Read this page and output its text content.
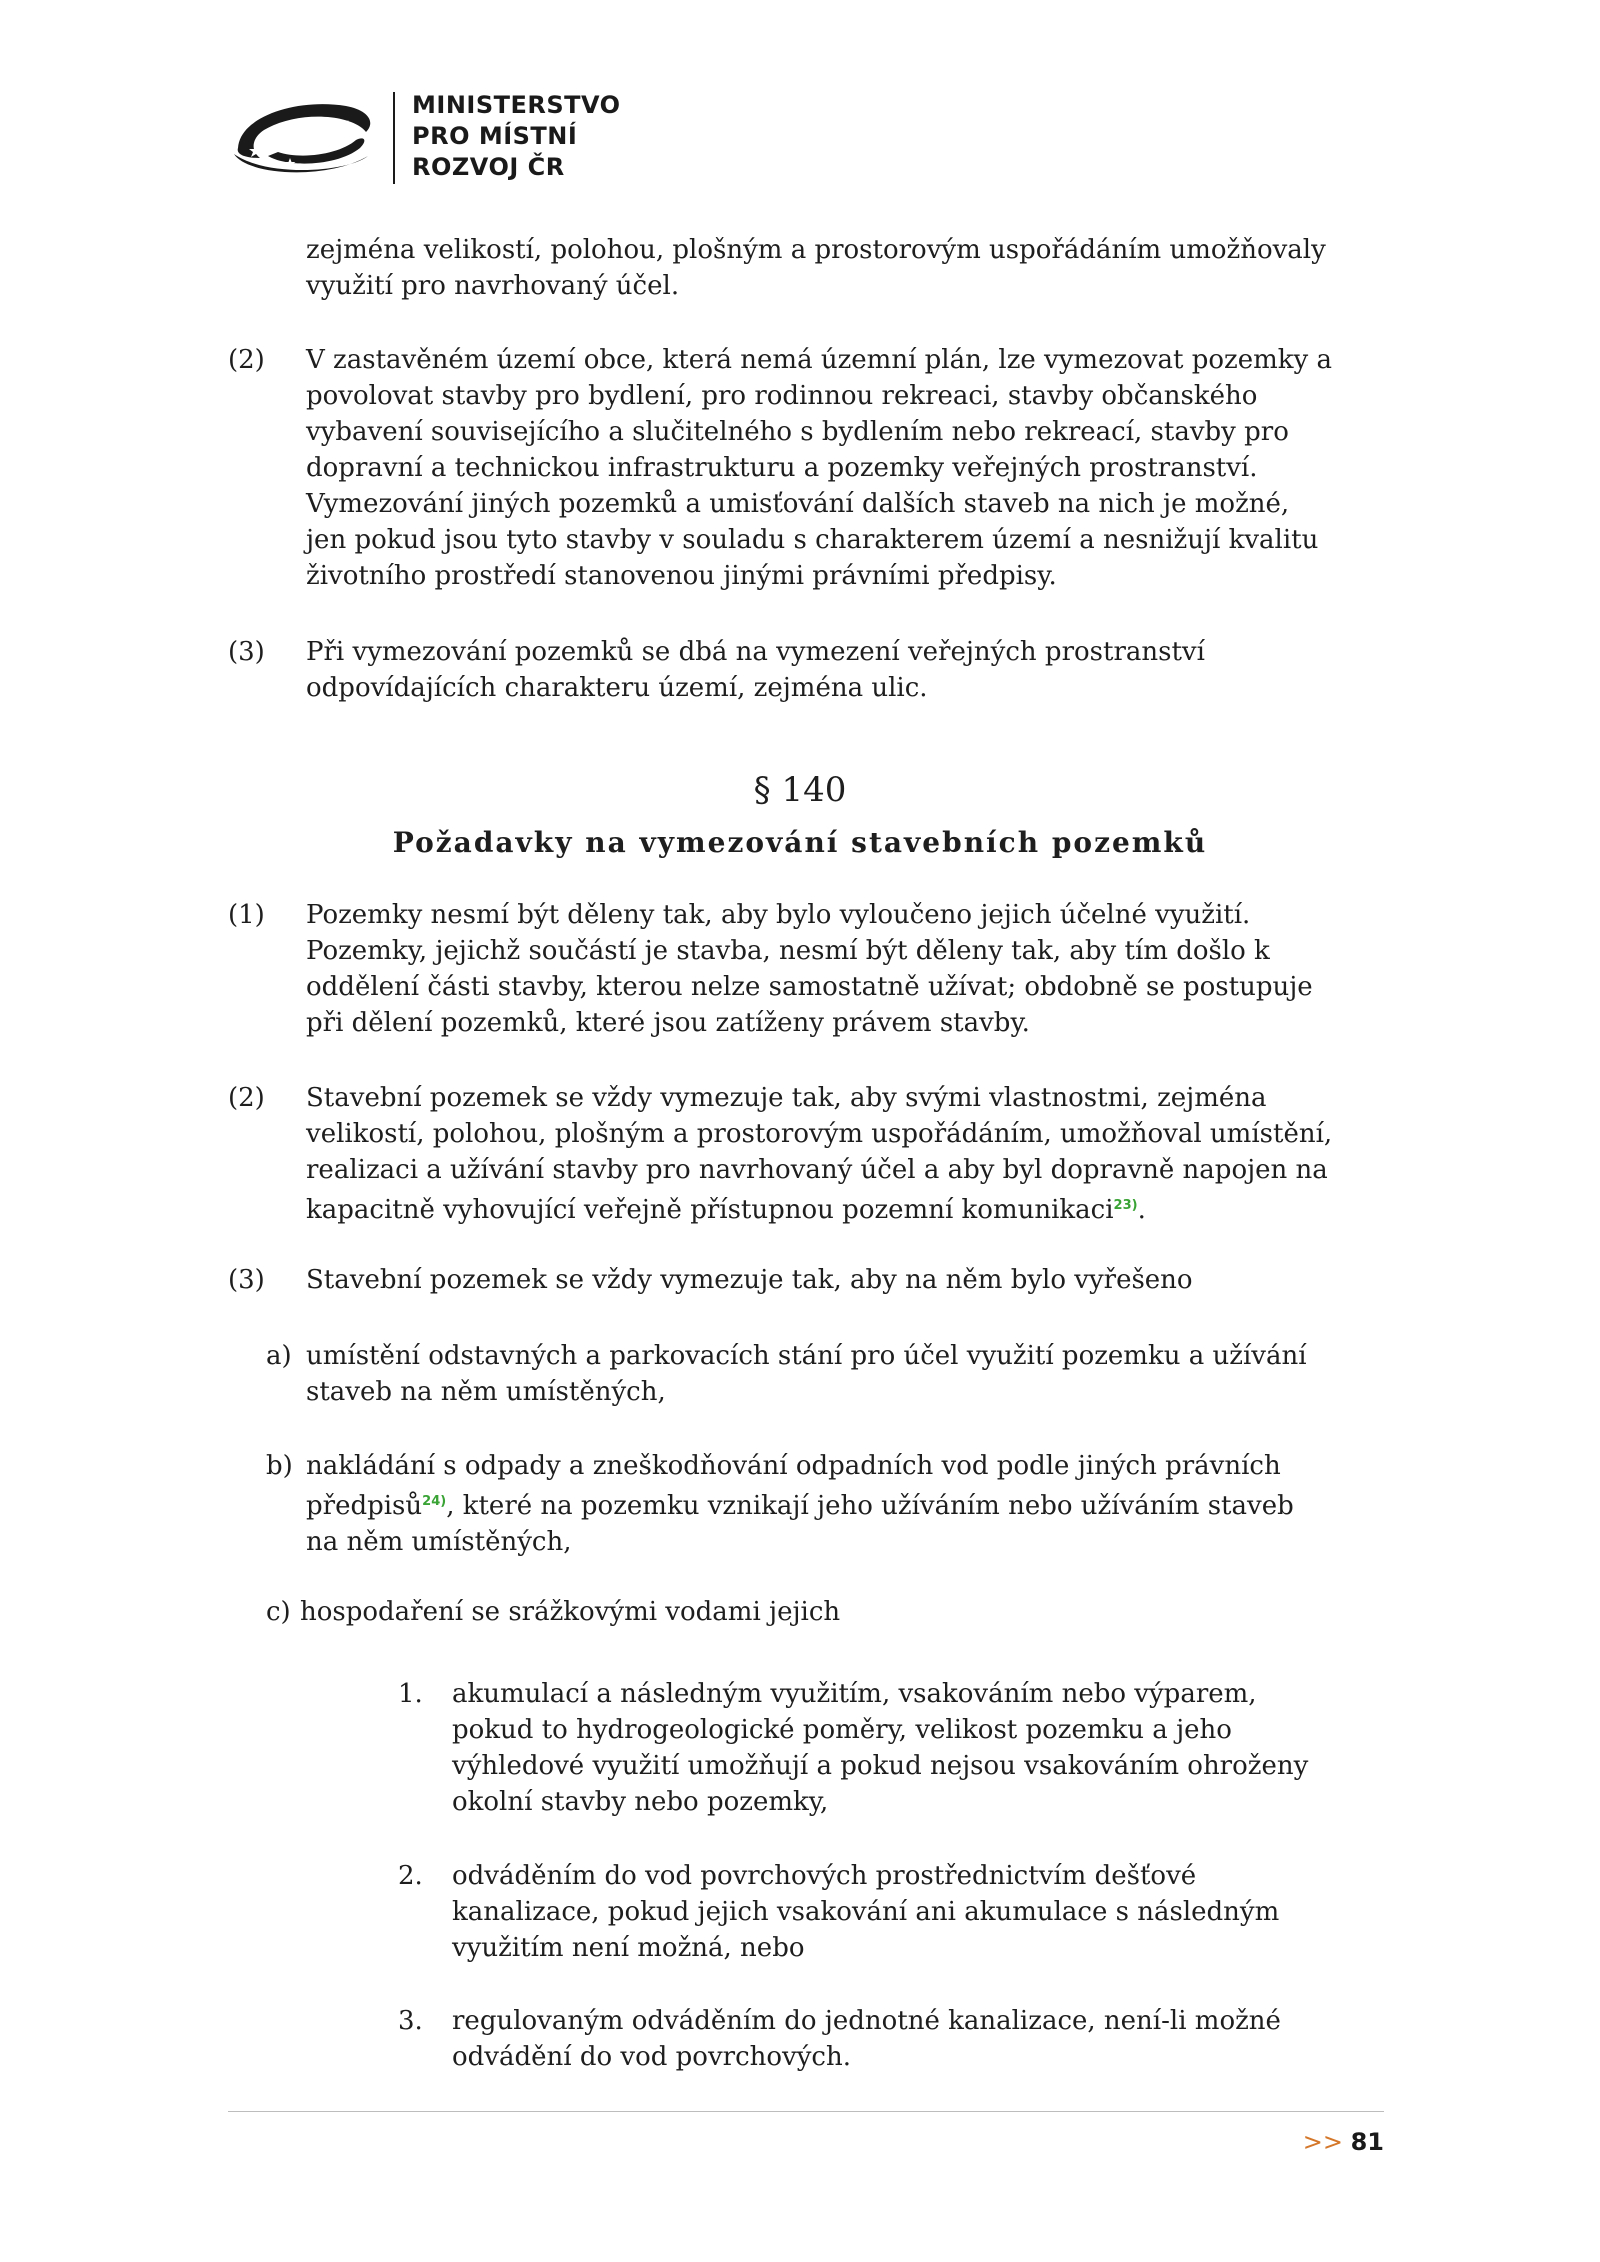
MINISTERSTVO
PRO MÍSTNÍ
ROZVOJ ČR
zejména velikostí, polohou, plošným a prostorovým uspořádáním umožňovaly
využití pro navrhovaný účel.
(2) V zastavěném území obce, která nemá územní plán, lze vymezovat pozemky a
povolovat stavby pro bydlení, pro rodinnou rekreaci, stavby občanského
vybavení souvisejícího a slučitelného s bydlením nebo rekreací, stavby pro
dopravní a technickou infrastrukturu a pozemky veřejných prostranství.
Vymezování jiných pozemků a umisťování dalších staveb na nich je možné,
jen pokud jsou tyto stavby v souladu s charakterem území a nesnižují kvalitu
životního prostředí stanovenou jinými právními předpisy.
(3) Při vymezování pozemků se dbá na vymezení veřejných prostranství
odpovídajících charakteru území, zejména ulic.
§ 140
Požadavky na vymezování stavebních pozemků
(1) Pozemky nesmí být děleny tak, aby bylo vyloučeno jejich účelné využití.
Pozemky, jejichž součástí je stavba, nesmí být děleny tak, aby tím došlo k
oddělení části stavby, kterou nelze samostatně užívat; obdobně se postupuje
při dělení pozemků, které jsou zatíženy právem stavby.
(2) Stavební pozemek se vždy vymezuje tak, aby svými vlastnostmi, zejména
velikostí, polohou, plošným a prostorovým uspořádáním, umožňoval umístění,
realizaci a užívání stavby pro navrhovaný účel a aby byl dopravně napojen na
kapacitně vyhovující veřejně přístupnou pozemní komunikaci$^{23)}$.
(3) Stavební pozemek se vždy vymezuje tak, aby na něm bylo vyřešeno
a) umístění odstavných a parkovacích stání pro účel využití pozemku a užívání
staveb na něm umístěných,
b) nakládání s odpady a zneškodňování odpadních vod podle jiných právních
předpisů$^{24)}$, které na pozemku vznikají jeho užíváním nebo užíváním staveb
na něm umístěných,
c) hospodaření se srážkovými vodami jejich
1. akumulací a následným využitím, vsakováním nebo výparem,
pokud to hydrogeologické poměry, velikost pozemku a jeho
výhledové využití umožňují a pokud nejsou vsakováním ohroženy
okolní stavby nebo pozemky,
2. odváděním do vod povrchových prostřednictvím dešťové
kanalizace, pokud jejich vsakování ani akumulace s následným
využitím není možná, nebo
3. regulovaným odváděním do jednotné kanalizace, není-li možné
odvádění do vod povrchových.
>> 81
